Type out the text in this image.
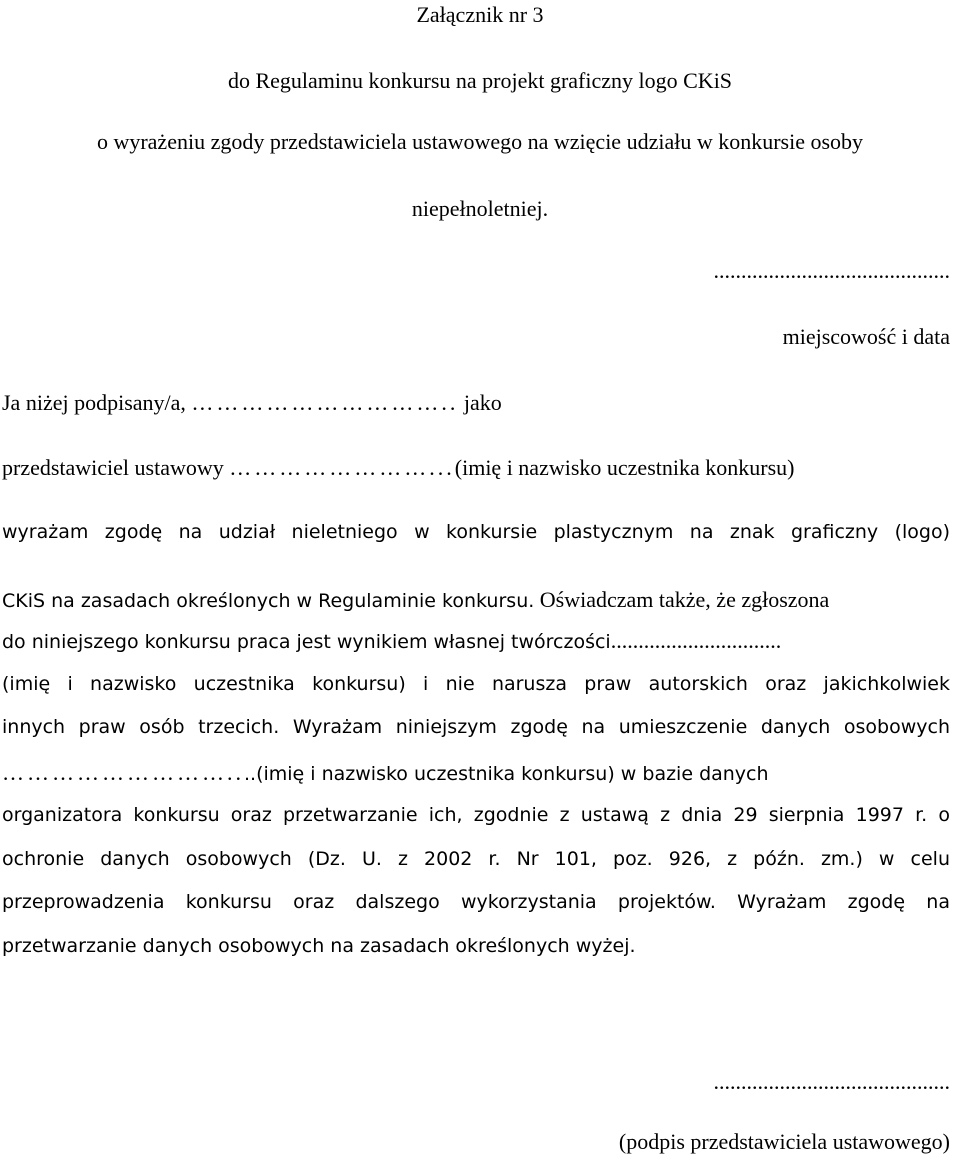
Załącznik nr 3

do Regulaminu konkursu na projekt graficzny logo CKiS

o wyrażeniu zgody przedstawiciela ustawowego na wzięcie udziału w konkursie osoby

niepełnoletniej.

...........................................

miejscowość i data

Ja niżej podpisany/a, ………………………….. jako

przedstawiciel ustawowy ……………………...(imię i nazwisko uczestnika konkursu)

wyrażam zgodę na udział nieletniego w konkursie plastycznym na znak graficzny (logo)

CKiS na zasadach określonych w Regulaminie konkursu. Oświadczam także, że zgłoszona

do niniejszego konkursu praca jest wynikiem własnej twórczości...............................

(imię i nazwisko uczestnika konkursu) i nie narusza praw autorskich oraz jakichkolwiek

innych praw osób trzecich. Wyrażam niniejszym zgodę na umieszczenie danych osobowych

………………………....(imię i nazwisko uczestnika konkursu) w bazie danych

organizatora konkursu oraz przetwarzanie ich, zgodnie z ustawą z dnia 29 sierpnia 1997 r. o

ochronie danych osobowych (Dz. U. z 2002 r. Nr 101, poz. 926, z późn. zm.) w celu

przeprowadzenia konkursu oraz dalszego wykorzystania projektów. Wyrażam zgodę na

przetwarzanie danych osobowych na zasadach określonych wyżej.

...........................................

(podpis przedstawiciela ustawowego)
